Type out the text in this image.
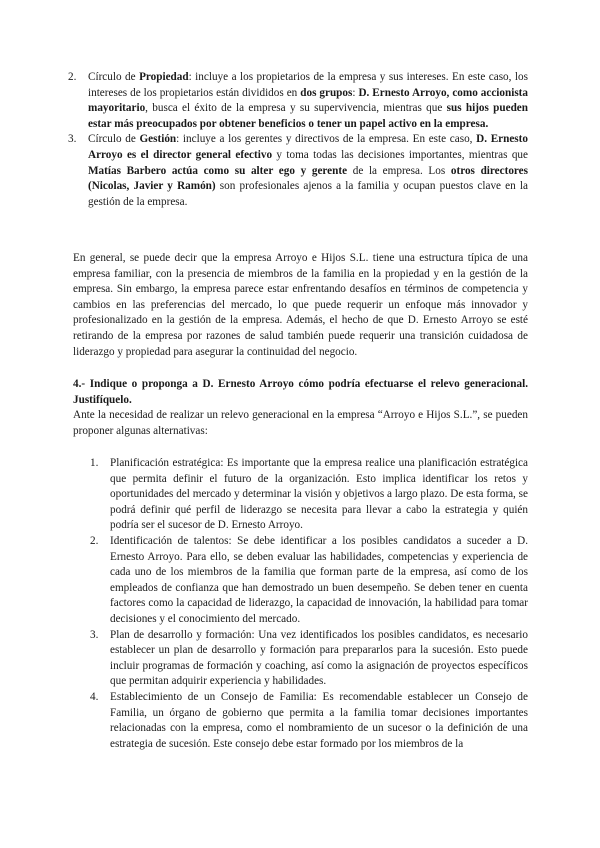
2. Círculo de Propiedad: incluye a los propietarios de la empresa y sus intereses. En este caso, los intereses de los propietarios están divididos en dos grupos: D. Ernesto Arroyo, como accionista mayoritario, busca el éxito de la empresa y su supervivencia, mientras que sus hijos pueden estar más preocupados por obtener beneficios o tener un papel activo en la empresa.
3. Círculo de Gestión: incluye a los gerentes y directivos de la empresa. En este caso, D. Ernesto Arroyo es el director general efectivo y toma todas las decisiones importantes, mientras que Matías Barbero actúa como su alter ego y gerente de la empresa. Los otros directores (Nicolas, Javier y Ramón) son profesionales ajenos a la familia y ocupan puestos clave en la gestión de la empresa.

En general, se puede decir que la empresa Arroyo e Hijos S.L. tiene una estructura típica de una empresa familiar, con la presencia de miembros de la familia en la propiedad y en la gestión de la empresa. Sin embargo, la empresa parece estar enfrentando desafíos en términos de competencia y cambios en las preferencias del mercado, lo que puede requerir un enfoque más innovador y profesionalizado en la gestión de la empresa. Además, el hecho de que D. Ernesto Arroyo se esté retirando de la empresa por razones de salud también puede requerir una transición cuidadosa de liderazgo y propiedad para asegurar la continuidad del negocio.

4.- Indique o proponga a D. Ernesto Arroyo cómo podría efectuarse el relevo generacional. Justifíquelo.

Ante la necesidad de realizar un relevo generacional en la empresa “Arroyo e Hijos S.L.”, se pueden proponer algunas alternativas:

1. Planificación estratégica: Es importante que la empresa realice una planificación estratégica que permita definir el futuro de la organización. Esto implica identificar los retos y oportunidades del mercado y determinar la visión y objetivos a largo plazo. De esta forma, se podrá definir qué perfil de liderazgo se necesita para llevar a cabo la estrategia y quién podría ser el sucesor de D. Ernesto Arroyo.
2. Identificación de talentos: Se debe identificar a los posibles candidatos a suceder a D. Ernesto Arroyo. Para ello, se deben evaluar las habilidades, competencias y experiencia de cada uno de los miembros de la familia que forman parte de la empresa, así como de los empleados de confianza que han demostrado un buen desempeño. Se deben tener en cuenta factores como la capacidad de liderazgo, la capacidad de innovación, la habilidad para tomar decisiones y el conocimiento del mercado.
3. Plan de desarrollo y formación: Una vez identificados los posibles candidatos, es necesario establecer un plan de desarrollo y formación para prepararlos para la sucesión. Esto puede incluir programas de formación y coaching, así como la asignación de proyectos específicos que permitan adquirir experiencia y habilidades.
4. Establecimiento de un Consejo de Familia: Es recomendable establecer un Consejo de Familia, un órgano de gobierno que permita a la familia tomar decisiones importantes relacionadas con la empresa, como el nombramiento de un sucesor o la definición de una estrategia de sucesión. Este consejo debe estar formado por los miembros de la
